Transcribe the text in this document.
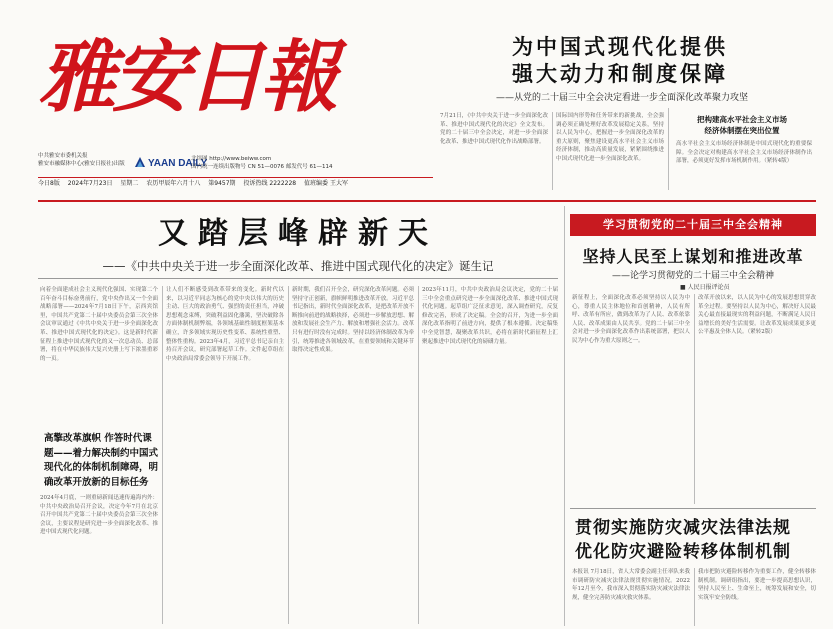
雅安日報
中共雅安市委机关报
雅安市融媒体中心(雅安日报社)出版	YAAN DAILY
北纬网 http://www.beiww.com
国内统一连续出版物号 CN 51—0076 邮发代号 61—114
今日8版 2024年7月23日 星期二 农历甲辰年六月十八 第9457期 投诉热线 2222228 值班编委 王大军
为中国式现代化提供
强大动力和制度保障
——从党的二十届三中全会决定看进一步全面深化改革聚力攻坚
7月21日，《中共中央关于进一步全面深化改革、推进中国式现代化的决定》全文发布。党的二十届三中全会决定，对进一步全面深化改革、推进中国式现代化作出战略部署。
国际国内形势和任务带来的新挑战，全会强调必须正确处理好改革发展稳定关系，坚持以人民为中心，把握进一步全面深化改革的重大原则，聚焦建设更高水平社会主义市场经济体制，推动高质量发展，紧紧围绕推进中国式现代化进一步全面深化改革。
把构建高水平社会主义市场
经济体制摆在突出位置
高水平社会主义市场经济体制是中国式现代化的重要保障。全会决定对构建高水平社会主义市场经济体制作出部署，必须更好发挥市场机制作用。（紧转4版）
又踏层峰辟新天
——《中共中央关于进一步全面深化改革、推进中国式现代化的决定》诞生记
向着全面建成社会主义现代化强国、实现第二个百年奋斗目标奋勇前行，党中央作出又一个全面战略部署——2024年7月18日下午，京西宾馆里，中国共产党第二十届中央委员会第三次全体会议审议通过《中共中央关于进一步全面深化改革、推进中国式现代化的决定》。这是新时代新征程上推进中国式现代化的又一次总动员、总部署，将在中华民族伟大复兴史册上写下浓墨重彩的一页。
高擎改革旗帜 作答时代课题——着力解决制约中国式现代化的体制机制障碍，明确改革开放新的目标任务
2024年4月底，一则重磅新闻迅速传遍海内外：中共中央政治局召开会议，决定今年7月在北京召开中国共产党第二十届中央委员会第三次全体会议，主要议程是研究进一步全面深化改革、推进中国式现代化问题。
让人们不断感受到改革带来的变化。新时代以来，以习近平同志为核心的党中央以伟大的历史主动、巨大的政治勇气、强烈的责任担当，冲破思想观念束缚，突破利益固化藩篱，坚决破除各方面体制机制弊端，各领域基础性制度框架基本确立，许多领域实现历史性变革、系统性重塑、整体性重构。2023年4月，习近平总书记亲自主持召开会议，研究部署起草工作。文件起草组在中央政治局常委会领导下开展工作。
新时期，我们召开全会，研究深化改革问题。必须坚持守正创新，旗帜鲜明推进改革开放。习近平总书记指出，新时代全面深化改革，是把改革开放不断推向前进的战略抉择，必须进一步解放思想、解放和发展社会生产力、解放和增强社会活力。改革只有进行时没有完成时。坚持以经济体制改革为牵引，统筹推进各领域改革，在重要领域和关键环节取得决定性成果。
2023年11月，中共中央政治局会议决定，党的二十届三中全会重点研究进一步全面深化改革、推进中国式现代化问题。起草组广泛征求意见，深入调查研究，反复修改完善，形成了决定稿。全会的召开，为进一步全面深化改革指明了前进方向，提供了根本遵循。决定稿集中全党智慧，凝聚改革共识，必将在新时代新征程上汇聚起推进中国式现代化的磅礴力量。
学习贯彻党的二十届三中全会精神
坚持人民至上谋划和推进改革
——论学习贯彻党的二十届三中全会精神
■ 人民日报评论员
新征程上，全面深化改革必须坚持以人民为中心，尊重人民主体地位和首创精神，人民有所呼、改革有所应，做到改革为了人民、改革依靠人民、改革成果由人民共享。党的二十届三中全会对进一步全面深化改革作出系统部署，把以人民为中心作为重大原则之一。
改革开放以来，以人民为中心的发展思想贯穿改革全过程。要坚持以人民为中心，解决好人民最关心最直接最现实的利益问题，不断满足人民日益增长的美好生活需要。让改革发展成果更多更公平惠及全体人民。（紧转2版）
贯彻实施防灾减灾法律法规 优化防灾避险转移体制机制
本报讯 7月18日，省人大常委会副主任率队来我市调研防灾减灾法律法规贯彻实施情况。2022年12月至今，我市深入贯彻落实防灾减灾法律法规，健全完善防灾减灾救灾体系。
我市把防灾避险转移作为重要工作，健全转移体制机制。调研组指出，要进一步提高思想认识，坚持人民至上、生命至上，统筹发展和安全，切实筑牢安全防线。
